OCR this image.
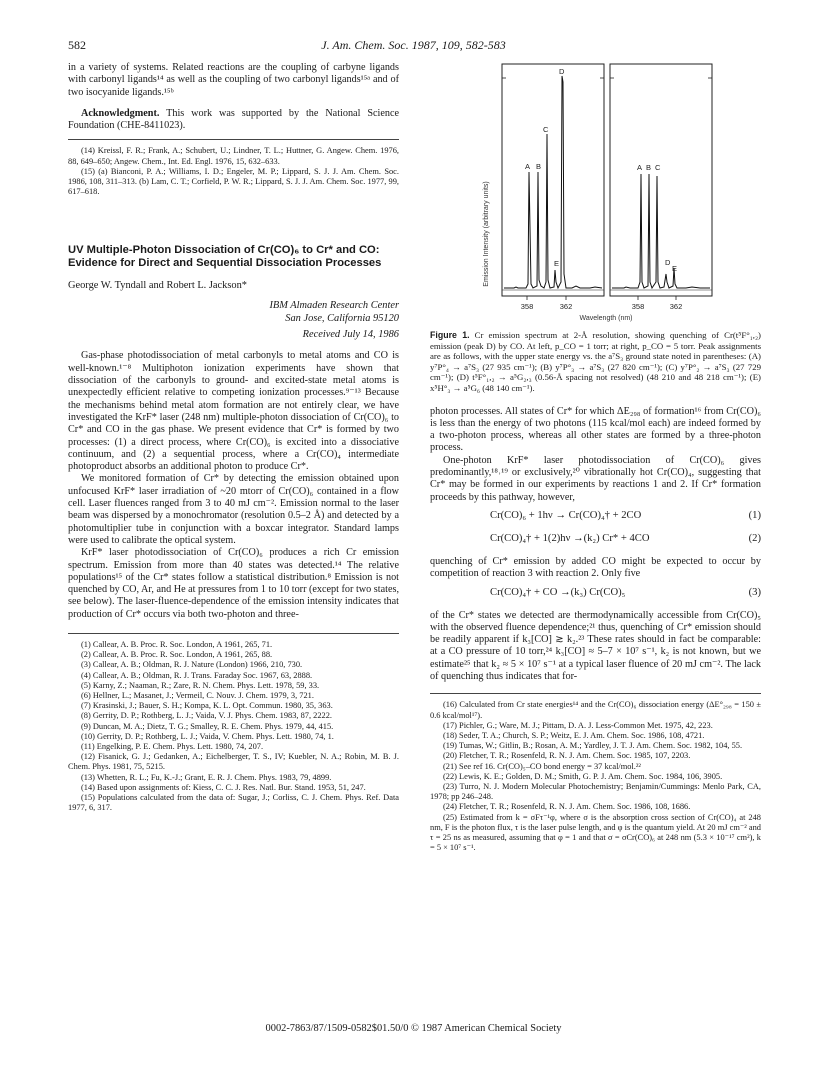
582	J. Am. Chem. Soc. 1987, 109, 582-583

in a variety of systems. Related reactions are the coupling of carbyne ligands with carbonyl ligands¹⁴ as well as the coupling of two carbonyl ligands¹⁵ᵃ and of two isocyanide ligands.¹⁵ᵇ

Acknowledgment. This work was supported by the National Science Foundation (CHE-8411023).

(14) Kreissl, F. R.; Frank, A.; Schubert, U.; Lindner, T. L.; Huttner, G. Angew. Chem. 1976, 88, 649–650; Angew. Chem., Int. Ed. Engl. 1976, 15, 632–633.

(15) (a) Bianconi, P. A.; Williams, I. D.; Engeler, M. P.; Lippard, S. J. J. Am. Chem. Soc. 1986, 108, 311–313. (b) Lam, C. T.; Corfield, P. W. R.; Lippard, S. J. J. Am. Chem. Soc. 1977, 99, 617–618.

UV Multiple-Photon Dissociation of Cr(CO)₆ to Cr* and CO: Evidence for Direct and Sequential Dissociation Processes
George W. Tyndall and Robert L. Jackson*
IBM Almaden Research Center
San Jose, California 95120
Received July 14, 1986

Gas-phase photodissociation of metal carbonyls to metal atoms and CO is well-known.¹⁻⁸ Multiphoton ionization experiments have shown that dissociation of the carbonyls to ground- and excited-state metal atoms is unexpectedly efficient relative to competing ionization processes.⁹⁻¹³ Because the mechanisms behind metal atom formation are not entirely clear, we have investigated the KrF* laser (248 nm) multiple-photon dissociation of Cr(CO)₆ to Cr* and CO in the gas phase. We present evidence that Cr* is formed by two processes: (1) a direct process, where Cr(CO)₆ is excited into a dissociative continuum, and (2) a sequential process, where a Cr(CO)₄ intermediate photoproduct absorbs an additional photon to produce Cr*.

We monitored formation of Cr* by detecting the emission obtained upon unfocused KrF* laser irradiation of ~20 mtorr of Cr(CO)₆ contained in a flow cell. Laser fluences ranged from 3 to 40 mJ cm⁻². Emission normal to the laser beam was dispersed by a monochromator (resolution 0.5–2 Å) and detected by a photomultiplier tube in conjunction with a boxcar integrator. Standard lamps were used to calibrate the optical system.

KrF* laser photodissociation of Cr(CO)₆ produces a rich Cr emission spectrum. Emission from more than 40 states was detected.¹⁴ The relative populations¹⁵ of the Cr* states follow a statistical distribution.⁸ Emission is not quenched by CO, Ar, and He at pressures from 1 to 10 torr (except for two states, see below). The laser-fluence-dependence of the emission intensity indicates that production of Cr* occurs via both two-photon and three-

(1) Callear, A. B. Proc. R. Soc. London, A 1961, 265, 71.

(2) Callear, A. B. Proc. R. Soc. London, A 1961, 265, 88.

(3) Callear, A. B.; Oldman, R. J. Nature (London) 1966, 210, 730.

(4) Callear, A. B.; Oldman, R. J. Trans. Faraday Soc. 1967, 63, 2888.

(5) Karny, Z.; Naaman, R.; Zare, R. N. Chem. Phys. Lett. 1978, 59, 33.

(6) Hellner, L.; Masanet, J.; Vermeil, C. Nouv. J. Chem. 1979, 3, 721.

(7) Krasinski, J.; Bauer, S. H.; Kompa, K. L. Opt. Commun. 1980, 35, 363.

(8) Gerrity, D. P.; Rothberg, L. J.; Vaida, V. J. Phys. Chem. 1983, 87, 2222.

(9) Duncan, M. A.; Dietz, T. G.; Smalley, R. E. Chem. Phys. 1979, 44, 415.

(10) Gerrity, D. P.; Rothberg, L. J.; Vaida, V. Chem. Phys. Lett. 1980, 74, 1.

(11) Engelking, P. E. Chem. Phys. Lett. 1980, 74, 207.

(12) Fisanick, G. J.; Gedanken, A.; Eichelberger, T. S., IV; Kuebler, N. A.; Robin, M. B. J. Chem. Phys. 1981, 75, 5215.

(13) Whetten, R. L.; Fu, K.-J.; Grant, E. R. J. Chem. Phys. 1983, 79, 4899.

(14) Based upon assignments of: Kiess, C. C. J. Res. Natl. Bur. Stand. 1953, 51, 247.

(15) Populations calculated from the data of: Sugar, J.; Corliss, C. J. Chem. Phys. Ref. Data 1977, 6, 317.

Emission Intensity (arbitrary units)
A B
C
D
E
A B C
D
E
358	362	358	362
Wavelength (nm)

Figure 1. Cr emission spectrum at 2-Å resolution, showing quenching of Cr(t⁵F°₁,₂) emission (peak D) by CO. At left, p_CO = 1 torr; at right, p_CO = 5 torr. Peak assignments are as follows, with the upper state energy vs. the a⁷S₃ ground state noted in parentheses: (A) y⁷P°₄ → a⁷S₃ (27 935 cm⁻¹); (B) y⁷P°₃ → a⁷S₃ (27 820 cm⁻¹); (C) y⁷P°₂ → a⁷S₃ (27 729 cm⁻¹); (D) t⁵F°₁,₂ → a⁵G₂,₃ (0.56-Å spacing not resolved) (48 210 and 48 218 cm⁻¹); (E) x⁵H°₃ → a⁵G₆ (48 140 cm⁻¹).

photon processes. All states of Cr* for which ΔE₂₉₈ of formation¹⁶ from Cr(CO)₆ is less than the energy of two photons (115 kcal/mol each) are indeed formed by a two-photon process, whereas all other states are formed by a three-photon process.

One-photon KrF* laser photodissociation of Cr(CO)₆ gives predominantly,¹⁸˒¹⁹ or exclusively,²⁰ vibrationally hot Cr(CO)₄, suggesting that Cr* may be formed in our experiments by reactions 1 and 2. If Cr* formation proceeds by this pathway, however,

Cr(CO)₆ + 1hν → Cr(CO)₄† + 2CO	(1)
Cr(CO)₄† + 1(2)hν →(k₂) Cr* + 4CO	(2)

quenching of Cr* emission by added CO might be expected to occur by competition of reaction 3 with reaction 2. Only five

Cr(CO)₄† + CO →(k₃) Cr(CO)₅	(3)

of the Cr* states we detected are thermodynamically accessible from Cr(CO)₅ with the observed fluence dependence;²¹ thus, quenching of Cr* emission should be readily apparent if k₃[CO] ≳ k₂.²³ These rates should in fact be comparable: at a CO pressure of 10 torr,²⁴ k₃[CO] ≈ 5–7 × 10⁷ s⁻¹, k₂ is not known, but we estimate²⁵ that k₂ ≈ 5 × 10⁷ s⁻¹ at a typical laser fluence of 20 mJ cm⁻². The lack of quenching thus indicates that for-

(16) Calculated from Cr state energies¹⁴ and the Cr(CO)₆ dissociation energy (ΔE°₂₉₈ = 150 ± 0.6 kcal/mol¹⁷).

(17) Pichler, G.; Ware, M. J.; Pittam, D. A. J. Less-Common Met. 1975, 42, 223.

(18) Seder, T. A.; Church, S. P.; Weitz, E. J. Am. Chem. Soc. 1986, 108, 4721.

(19) Tumas, W.; Gitlin, B.; Rosan, A. M.; Yardley, J. T. J. Am. Chem. Soc. 1982, 104, 55.

(20) Fletcher, T. R.; Rosenfeld, R. N. J. Am. Chem. Soc. 1985, 107, 2203.

(21) See ref 16. Cr(CO)₅–CO bond energy = 37 kcal/mol.²²

(22) Lewis, K. E.; Golden, D. M.; Smith, G. P. J. Am. Chem. Soc. 1984, 106, 3905.

(23) Turro, N. J. Modern Molecular Photochemistry; Benjamin/Cummings: Menlo Park, CA, 1978; pp 246–248.

(24) Fletcher, T. R.; Rosenfeld, R. N. J. Am. Chem. Soc. 1986, 108, 1686.

(25) Estimated from k = σFτ⁻¹φ, where σ is the absorption cross section of Cr(CO)₄ at 248 nm, F is the photon flux, τ is the laser pulse length, and φ is the quantum yield. At 20 mJ cm⁻² and τ = 25 ns as measured, assuming that φ = 1 and that σ = σCr(CO)₆ at 248 nm (5.3 × 10⁻¹⁷ cm²), k = 5 × 10⁷ s⁻¹.

0002-7863/87/1509-0582$01.50/0 © 1987 American Chemical Society
